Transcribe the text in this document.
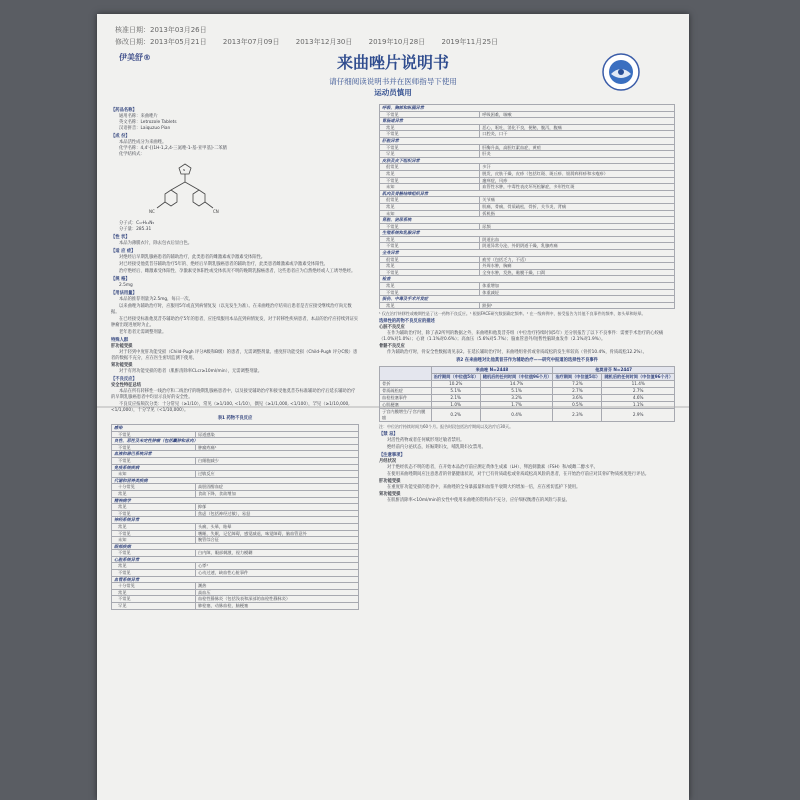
核准日期：2013年03月26日
修改日期：2013年05月21日 2013年07月09日 2013年12月30日 2019年10月28日 2019年11月25日
伊美舒®	来曲唑片说明书
请仔细阅读说明书并在医师指导下使用
运动员慎用
【药品名称】
通用名称：来曲唑片
英文名称：Letrozole Tablets
汉语拼音：Laiquzuo Pian
【成 份】
本品活性成分为来曲唑。
化学名称：4,4'-[(1H-1,2,4-三氮唑-1-基-亚甲基]-二苯腈
化学结构式：
NC	CN
N
分子式：C₁₇H₁₁N₅
分子量：285.31
【性 状】
本品为薄膜衣片，除去包衣后显白色。
【适 应 症】
对绝经后早期乳腺癌患者的辅助治疗，此类患者的雌激素或孕激素受体阳性。
对已经接受他莫昔芬辅助治疗5年的、绝经后早期乳腺癌患者的辅助治疗，此类患者雌激素或孕激素受体阳性。
治疗绝经后、雌激素受体阳性、孕激素受体阳性或受体状况不明的晚期乳腺癌患者，这些患者应为自然绝经或人工诱导绝经。
【规 格】
2.5mg
【用法用量】
本品的推荐剂量为2.5mg，每日一次。
以来曲唑为辅助治疗时，应服用5年或直到病情复发（以先发生为准）。在来曲唑治疗结束后患者是否应接受继续治疗尚无数据。
在已经接受标准他莫昔芬辅助治疗5年的患者，应连续服用本品直到病情复发，对于转移性疾病患者，本品的治疗应持续到证实肿瘤出现进展时为止。
老年患者无需调整剂量。
特殊人群
肝功能受损
对于轻到中度肝功能受损（Child-Pugh 评分A级和B级）的患者，无需调整剂量。重度肝功能受损（Child-Pugh 评分C级）患者的数据不充分，应在医生密切监测下使用。
肾功能受损
对于有肾功能受损的患者（肌酐清除率CLcr≥10ml/min），无需调整剂量。
【不良反应】
安全性特征总结
本品在所有转移性一线治疗和二线治疗的晚期乳腺癌患者中，以及接受辅助治疗和接受他莫昔芬标准辅助治疗后延长辅助治疗的早期乳腺癌患者中均显示良好的安全性。
不良反应按频次分类：十分常见（≥1/10），常见（≥1/100, <1/10），偶见（≥1/1,000, <1/100），罕见（≥1/10,000, <1/1,000），十分罕见（<1/10,000）。
表1 药物不良反应
感染	
不常见	尿道感染
良性、恶性及未定性肿瘤（包括囊肿和息肉）	
不常见	肿瘤疼痛¹
血液和淋巴系统异常	
不常见	白细胞减少
免疫系统疾病	
未知	过敏反应
代谢和营养类疾病	
十分常见	高胆固醇血症
常见	食欲下降，食欲增加
精神病学	
常见	抑郁
不常见	焦虑（包括神经过敏），易怒
神经系统异常	
常见	头痛，头晕，眩晕
不常见	嗜睡，失眠，记忆障碍，感觉减退，味觉障碍，脑血管意外
未知	腕管综合征
眼部疾病	
不常见	白内障，眼部刺激，视力模糊
心脏系统异常	
常见	心悸¹
不常见	心动过速，缺血性心脏事件
血管系统异常	
十分常见	潮热
常见	高血压
不常见	血栓性静脉炎（包括浅表和深部的血栓性静脉炎）
罕见	肺栓塞，动脉血栓，脑梗塞
呼吸、胸部和纵膈异常	
不常见	呼吸困难，咳嗽
胃肠道异常	
常见	恶心，呕吐，消化不良，便秘，腹泻，腹痛
不常见	口腔炎，口干
肝脏异常	
不常见	肝酶升高，高胆红素血症，黄疸
罕见	肝炎
皮肤及皮下组织异常	
很常见	多汗
常见	脱发，皮肤干燥，皮疹（包括红斑、斑丘疹、银屑病样疹和水疱疹）
不常见	瘙痒症，风疹
未知	血管性水肿，中毒性表皮坏死松解症，多形性红斑
肌肉及骨骼结缔组织异常	
很常见	关节痛
常见	肌痛，骨痛，骨质疏松，骨折，关节炎，背痛
未知	扳机指
肾脏、泌尿系统	
不常见	尿频
生殖系统和乳腺异常	
常见	阴道出血
不常见	阴道异常分泌，外阴阴道干燥，乳腺疼痛
全身异常	
很常见	疲劳（包括乏力，不适）
常见	外周水肿，胸痛
不常见	全身水肿，发热，黏膜干燥，口渴
检查	
常见	体重增加
不常见	体重减轻
损伤、中毒及手术并发症	
常见	跌倒¹
¹ 仅在治疗转移性或晚期性是了这一药物不良反应。¹ 根据FACE研究数据确定频率。¹ 在一级病例中，接受报告为其他不良事件的频率，如头晕和眩晕。
选择性的药物不良反应的描述
心脏不良反应
在作为辅助治疗时，除了表2所列的数据之外，来曲唑和他莫昔芬组（中位治疗持续时间5年）还分别报告了以下不良事件：需要手术治疗的心绞痛（1.0%对1.0%）；心衰（1.1%对0.6%）；高血压（5.6%对5.7%）；脑血管意外/短暂性脑缺血发作（2.1%对1.9%）。
骨骼不良反应
作为辅助治疗时，骨安全性数据请见表2。在延长辅助治疗时，来曲唑组骨折或骨质疏松的发生率较高（骨折10.4%，骨质疏松12.2%）。
表2 在来曲唑对比他莫昔芬作为辅助治疗——研究中报道的选择性不良事件
	来曲唑 N=2448		他莫昔芬 N=2447	
	治疗期间（中位值5年）	随机后的任何时间（中位值96个月）	治疗期间（中位值5年）	随机后的任何时间（中位值96个月）
骨折	10.2%	14.7%	7.2%	11.4%
骨质疏松症	5.1%	5.1%	2.7%	2.7%
血栓栓塞事件	2.1%	3.2%	3.6%	4.6%
心肌梗塞	1.0%	1.7%	0.5%	1.1%
子宫内膜增生/子宫内膜癌	0.2%	0.4%	2.3%	2.9%
注：中位治疗持续时间为60个月。报告时段包括治疗期间以及治疗后30天。
【禁 忌】
对活性药物或者任何赋形剂过敏者禁用。
绝经前内分泌状态，妊娠期妇女，哺乳期妇女禁用。
【注意事项】
月经状况
对于绝经状态不明的患者，在开始本品治疗前应测定黄体生成素（LH）、卵泡刺激素（FSH）和/或雌二醇水平。
在使用来曲唑期间应注意患者的骨骼健康状况，对于已有骨质疏松或骨质疏松高风险的患者，在开始治疗前应对其骨矿物质密度进行评估。
肝功能受损
在重度肝功能受损的患者中，来曲唑的全身暴露量和血浆半衰期大约增加一倍，应在密切监护下使用。
肾功能受损
在肌酐清除率<10ml/min的女性中使用来曲唑的资料尚不充分，应仔细权衡潜在的风险与获益。
